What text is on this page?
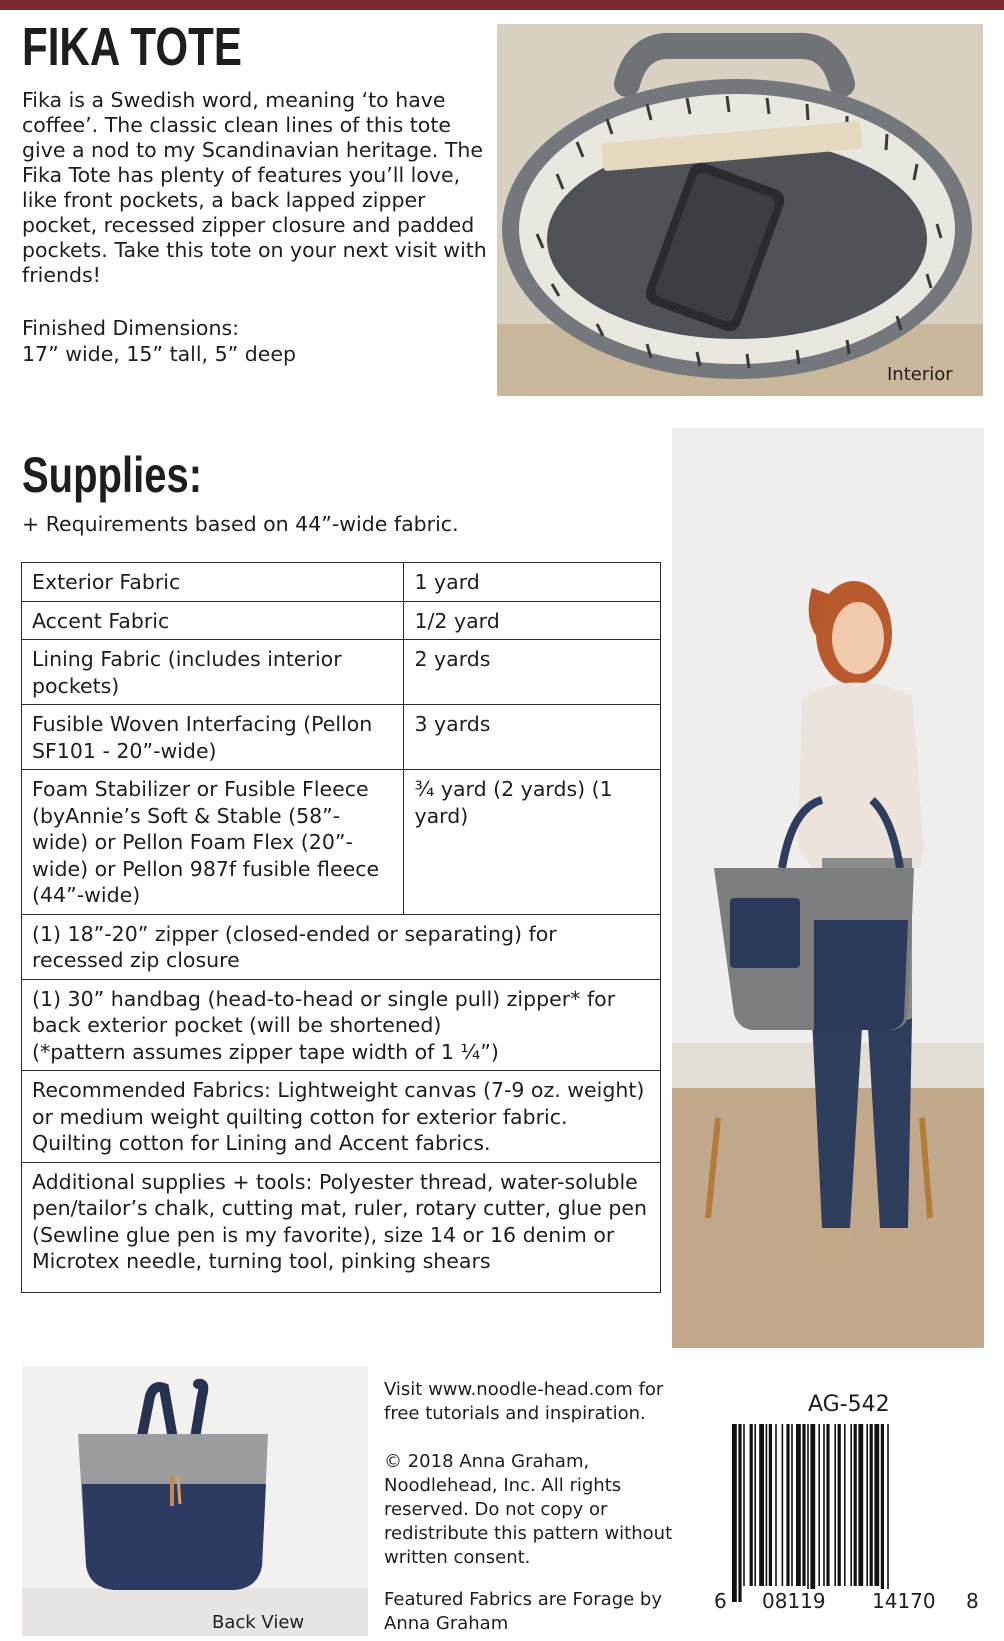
FIKA TOTE

Fika is a Swedish word, meaning ‘to have coffee’. The classic clean lines of this tote give a nod to my Scandinavian heritage. The Fika Tote has plenty of features you’ll love, like front pockets, a back lapped zipper pocket, recessed zipper closure and padded pockets. Take this tote on your next visit with friends!

Finished Dimensions:

17” wide, 15” tall, 5” deep

Interior
Supplies:

+ Requirements based on 44”-wide fabric.

Exterior Fabric	1 yard
Accent Fabric	1/2 yard
Lining Fabric (includes interior pockets)	2 yards
Fusible Woven Interfacing (Pellon SF101 - 20”-wide)	3 yards
Foam Stabilizer or Fusible Fleece (byAnnie’s Soft & Stable (58”-wide) or Pellon Foam Flex (20”-wide) or Pellon 987f fusible fleece (44”-wide)	¾ yard (2 yards) (1 yard)
(1) 18”-20” zipper (closed-ended or separating) for recessed zip closure	

(1) 30” handbag (head-to-head or single pull) zipper* for back exterior pocket (will be shortened)
(*pattern assumes zipper tape width of 1 ¼”)	

Recommended Fabrics: Lightweight canvas (7-9 oz. weight) or medium weight quilting cotton for exterior fabric. Quilting cotton for Lining and Accent fabrics.	
Additional supplies + tools: Polyester thread, water-soluble pen/tailor’s chalk, cutting mat, ruler, rotary cutter, glue pen (Sewline glue pen is my favorite), size 14 or 16 denim or Microtex needle, turning tool, pinking shears	
Back View

Visit www.noodle-head.com for free tutorials and inspiration.

© 2018 Anna Graham, Noodlehead, Inc. All rights reserved. Do not copy or redistribute this pattern without written consent.

Featured Fabrics are Forage by Anna Graham

AG-542

6 08119 14170 8
